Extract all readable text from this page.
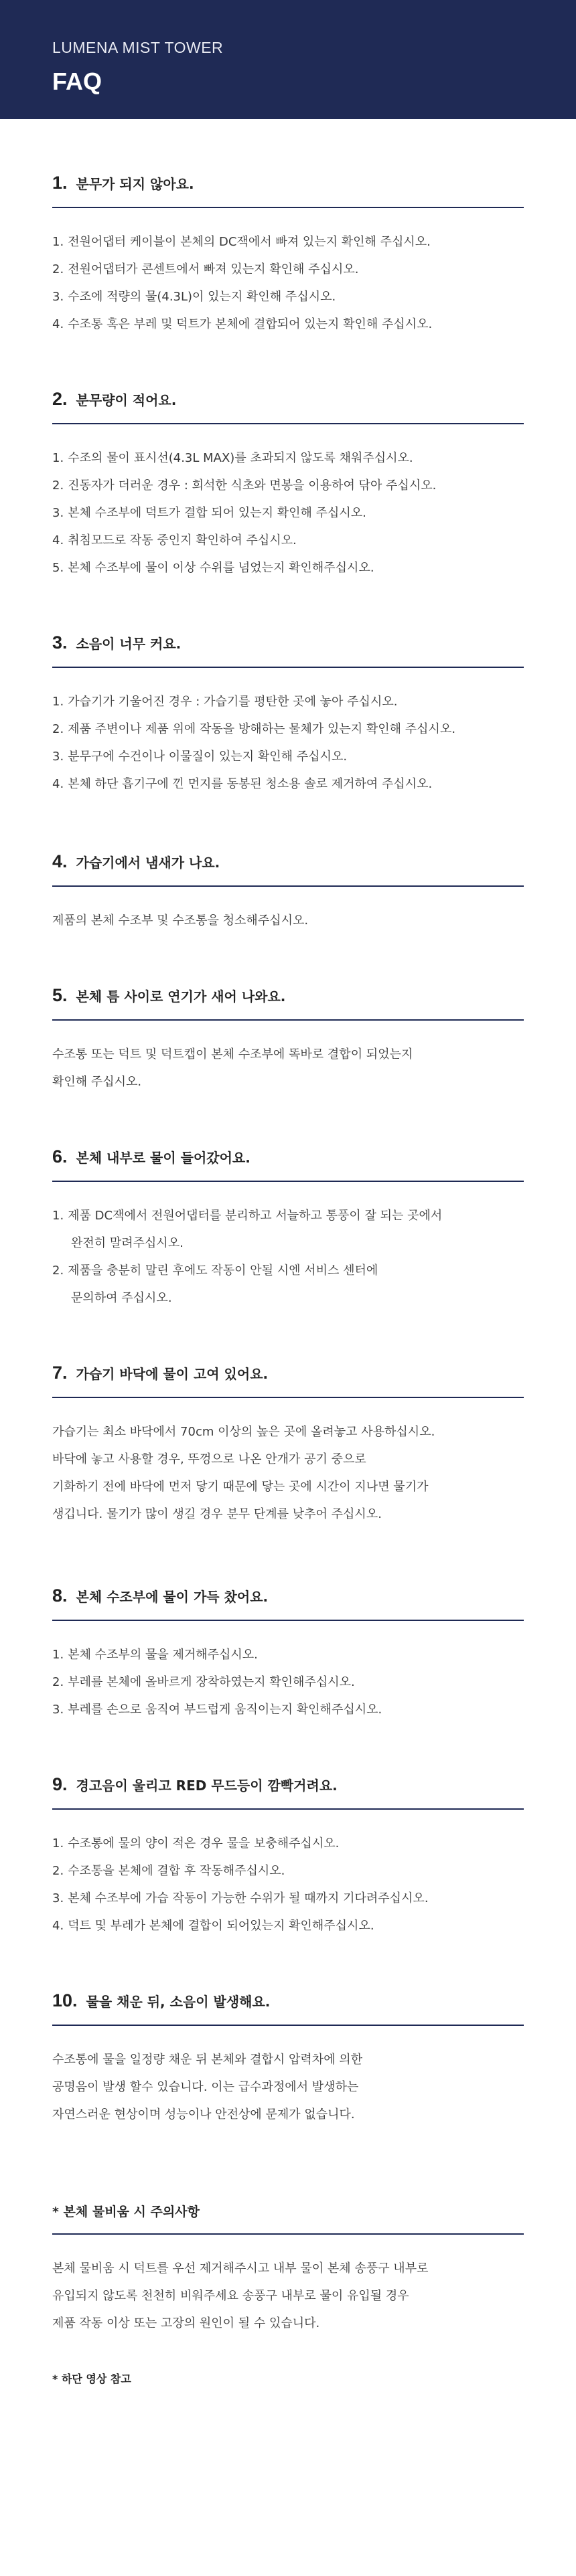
LUMENA MIST TOWER

FAQ
1. 분무가 되지 않아요.
1. 전원어댑터 케이블이 본체의 DC잭에서 빠져 있는지 확인해 주십시오.
2. 전원어댑터가 콘센트에서 빠져 있는지 확인해 주십시오.
3. 수조에 적량의 물(4.3L)이 있는지 확인해 주십시오.
4. 수조통 혹은 부레 및 덕트가 본체에 결합되어 있는지 확인해 주십시오.
2. 분무량이 적어요.
1. 수조의 물이 표시선(4.3L MAX)를 초과되지 않도록 채워주십시오.
2. 진동자가 더러운 경우 : 희석한 식초와 면봉을 이용하여 닦아 주십시오.
3. 본체 수조부에 덕트가 결합 되어 있는지 확인해 주십시오.
4. 취침모드로 작동 중인지 확인하여 주십시오.
5. 본체 수조부에 물이 이상 수위를 넘었는지 확인해주십시오.
3. 소음이 너무 커요.
1. 가습기가 기울어진 경우 : 가습기를 평탄한 곳에 놓아 주십시오.
2. 제품 주변이나 제품 위에 작동을 방해하는 물체가 있는지 확인해 주십시오.
3. 분무구에 수건이나 이물질이 있는지 확인해 주십시오.
4. 본체 하단 흡기구에 낀 먼지를 동봉된 청소용 솔로 제거하여 주십시오.
4. 가습기에서 냄새가 나요.

제품의 본체 수조부 및 수조통을 청소해주십시오.

5. 본체 틈 사이로 연기가 새어 나와요.

수조통 또는 덕트 및 덕트캡이 본체 수조부에 똑바로 결합이 되었는지
확인해 주십시오.

6. 본체 내부로 물이 들어갔어요.
1. 제품 DC잭에서 전원어댑터를 분리하고 서늘하고 통풍이 잘 되는 곳에서
완전히 말려주십시오.
2. 제품을 충분히 말린 후에도 작동이 안될 시엔 서비스 센터에
문의하여 주십시오.
7. 가습기 바닥에 물이 고여 있어요.

가습기는 최소 바닥에서 70cm 이상의 높은 곳에 올려놓고 사용하십시오.
바닥에 놓고 사용할 경우, 뚜껑으로 나온 안개가 공기 중으로
기화하기 전에 바닥에 먼저 닿기 때문에 닿는 곳에 시간이 지나면 물기가
생깁니다. 물기가 많이 생길 경우 분무 단계를 낮추어 주십시오.

8. 본체 수조부에 물이 가득 찼어요.
1. 본체 수조부의 물을 제거해주십시오.
2. 부레를 본체에 올바르게 장착하였는지 확인해주십시오.
3. 부레를 손으로 움직여 부드럽게 움직이는지 확인해주십시오.
9. 경고음이 울리고 RED 무드등이 깜빡거려요.
1. 수조통에 물의 양이 적은 경우 물을 보충해주십시오.
2. 수조통을 본체에 결합 후 작동해주십시오.
3. 본체 수조부에 가습 작동이 가능한 수위가 될 때까지 기다려주십시오.
4. 덕트 및 부레가 본체에 결합이 되어있는지 확인해주십시오.
10. 물을 채운 뒤, 소음이 발생해요.

수조통에 물을 일정량 채운 뒤 본체와 결합시 압력차에 의한
공명음이 발생 할수 있습니다. 이는 급수과정에서 발생하는
자연스러운 현상이며 성능이나 안전상에 문제가 없습니다.

* 본체 물비움 시 주의사항

본체 물비움 시 덕트를 우선 제거해주시고 내부 물이 본체 송풍구 내부로
유입되지 않도록 천천히 비워주세요 송풍구 내부로 물이 유입될 경우
제품 작동 이상 또는 고장의 원인이 될 수 있습니다.

* 하단 영상 참고
